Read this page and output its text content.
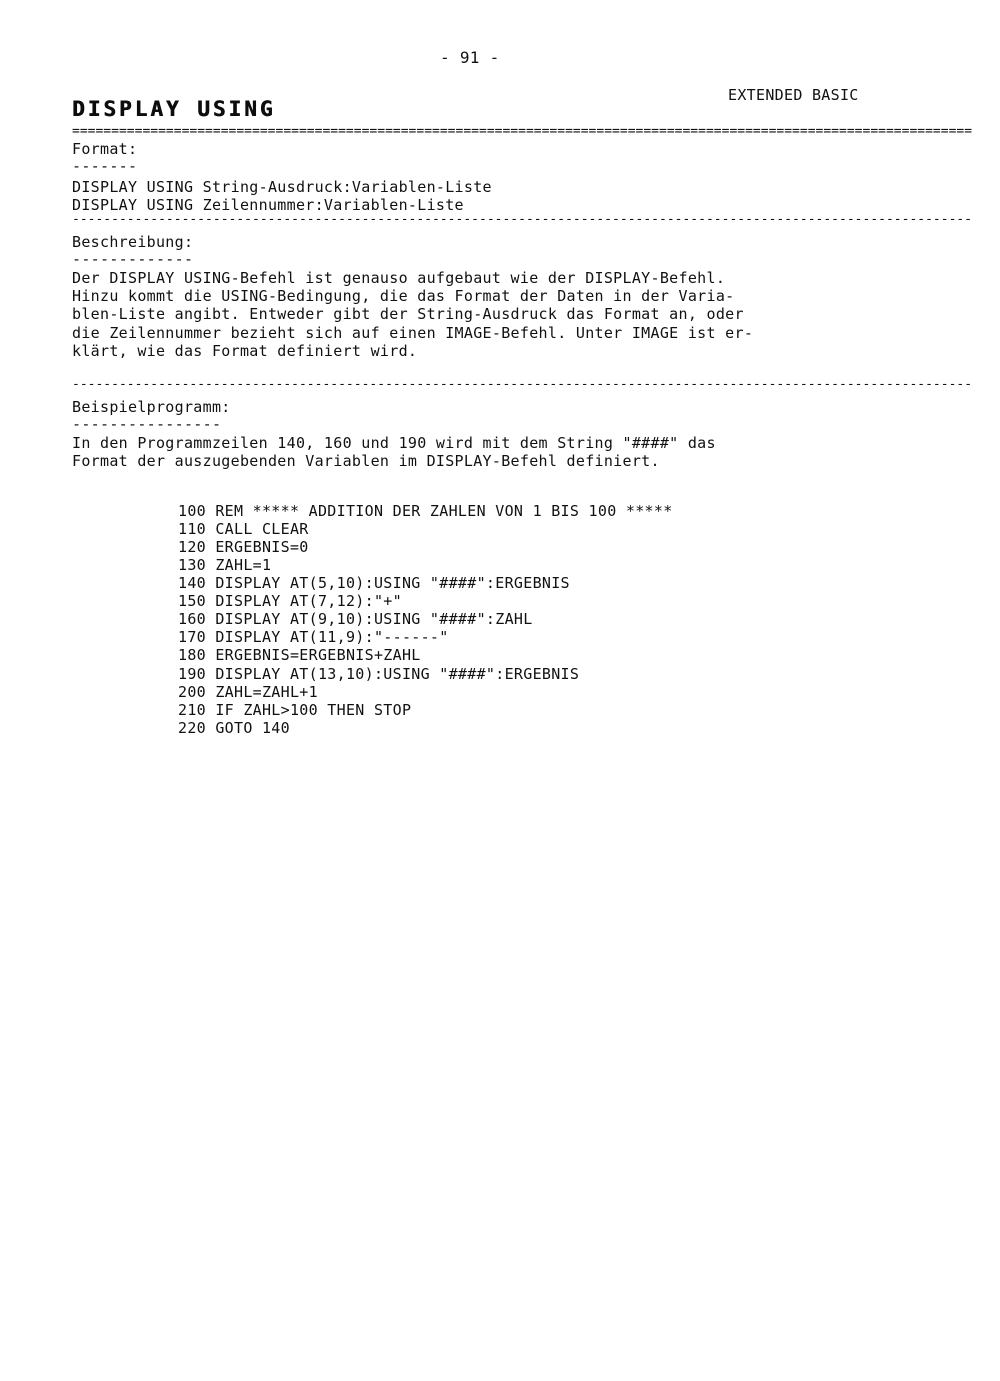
- 91 -
EXTENDED BASIC
DISPLAY USING
===================================================================================================================
Format:
-------
DISPLAY USING String-Ausdruck:Variablen-Liste
DISPLAY USING Zeilennummer:Variablen-Liste
-------------------------------------------------------------------------------------------------------------------
Beschreibung:
-------------
Der DISPLAY USING-Befehl ist genauso aufgebaut wie der DISPLAY-Befehl.
Hinzu kommt die USING-Bedingung, die das Format der Daten in der Varia-
blen-Liste angibt. Entweder gibt der String-Ausdruck das Format an, oder
die Zeilennummer bezieht sich auf einen IMAGE-Befehl. Unter IMAGE ist er-
klärt, wie das Format definiert wird.
-------------------------------------------------------------------------------------------------------------------
Beispielprogramm:
----------------
In den Programmzeilen 140, 160 und 190 wird mit dem String "####" das
Format der auszugebenden Variablen im DISPLAY-Befehl definiert.
100 REM ***** ADDITION DER ZAHLEN VON 1 BIS 100 *****
110 CALL CLEAR
120 ERGEBNIS=0
130 ZAHL=1
140 DISPLAY AT(5,10):USING "####":ERGEBNIS
150 DISPLAY AT(7,12):"+"
160 DISPLAY AT(9,10):USING "####":ZAHL
170 DISPLAY AT(11,9):"------"
180 ERGEBNIS=ERGEBNIS+ZAHL
190 DISPLAY AT(13,10):USING "####":ERGEBNIS
200 ZAHL=ZAHL+1
210 IF ZAHL>100 THEN STOP
220 GOTO 140
